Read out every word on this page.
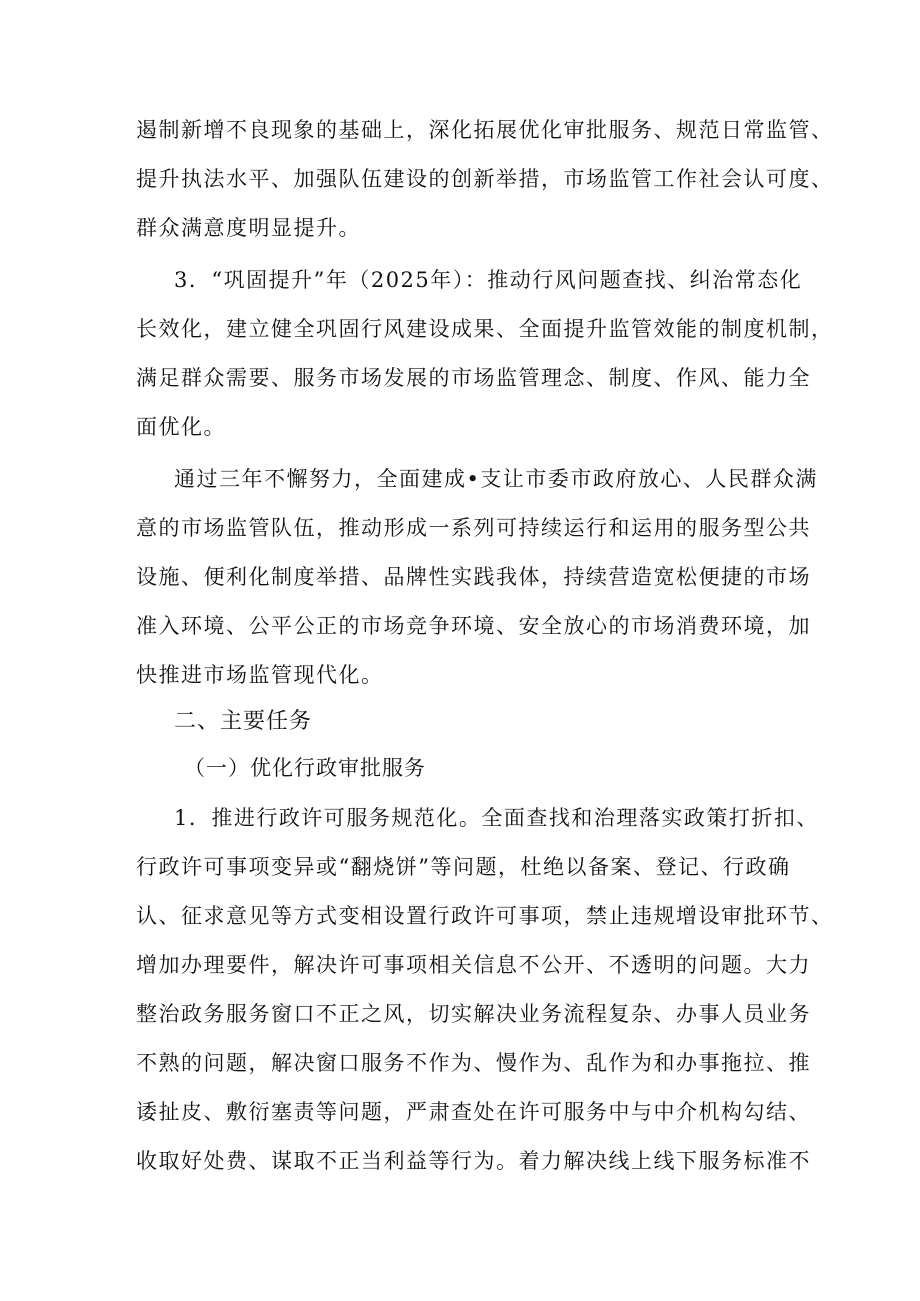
遏制新增不良现象的基础上，深化拓展优化审批服务、规范日常监管、
提升执法水平、加强队伍建设的创新举措，市场监管工作社会认可度、
群众满意度明显提升。
3．“巩固提升”年（2025年）：推动行风问题查找、纠治常态化
长效化，建立健全巩固行风建设成果、全面提升监管效能的制度机制，
满足群众需要、服务市场发展的市场监管理念、制度、作风、能力全
面优化。
通过三年不懈努力，全面建成•支让市委市政府放心、人民群众满
意的市场监管队伍，推动形成一系列可持续运行和运用的服务型公共
设施、便利化制度举措、品牌性实践我体，持续营造宽松便捷的市场
准入环境、公平公正的市场竞争环境、安全放心的市场消费环境，加
快推进市场监管现代化。
二、主要任务
（一）优化行政审批服务
1．推进行政许可服务规范化。全面查找和治理落实政策打折扣、
行政许可事项变异或“翻烧饼”等问题，杜绝以备案、登记、行政确
认、征求意见等方式变相设置行政许可事项，禁止违规增设审批环节、
增加办理要件，解决许可事项相关信息不公开、不透明的问题。大力
整治政务服务窗口不正之风，切实解决业务流程复杂、办事人员业务
不熟的问题，解决窗口服务不作为、慢作为、乱作为和办事拖拉、推
诿扯皮、敷衍塞责等问题，严肃查处在许可服务中与中介机构勾结、
收取好处费、谋取不正当利益等行为。着力解决线上线下服务标准不
